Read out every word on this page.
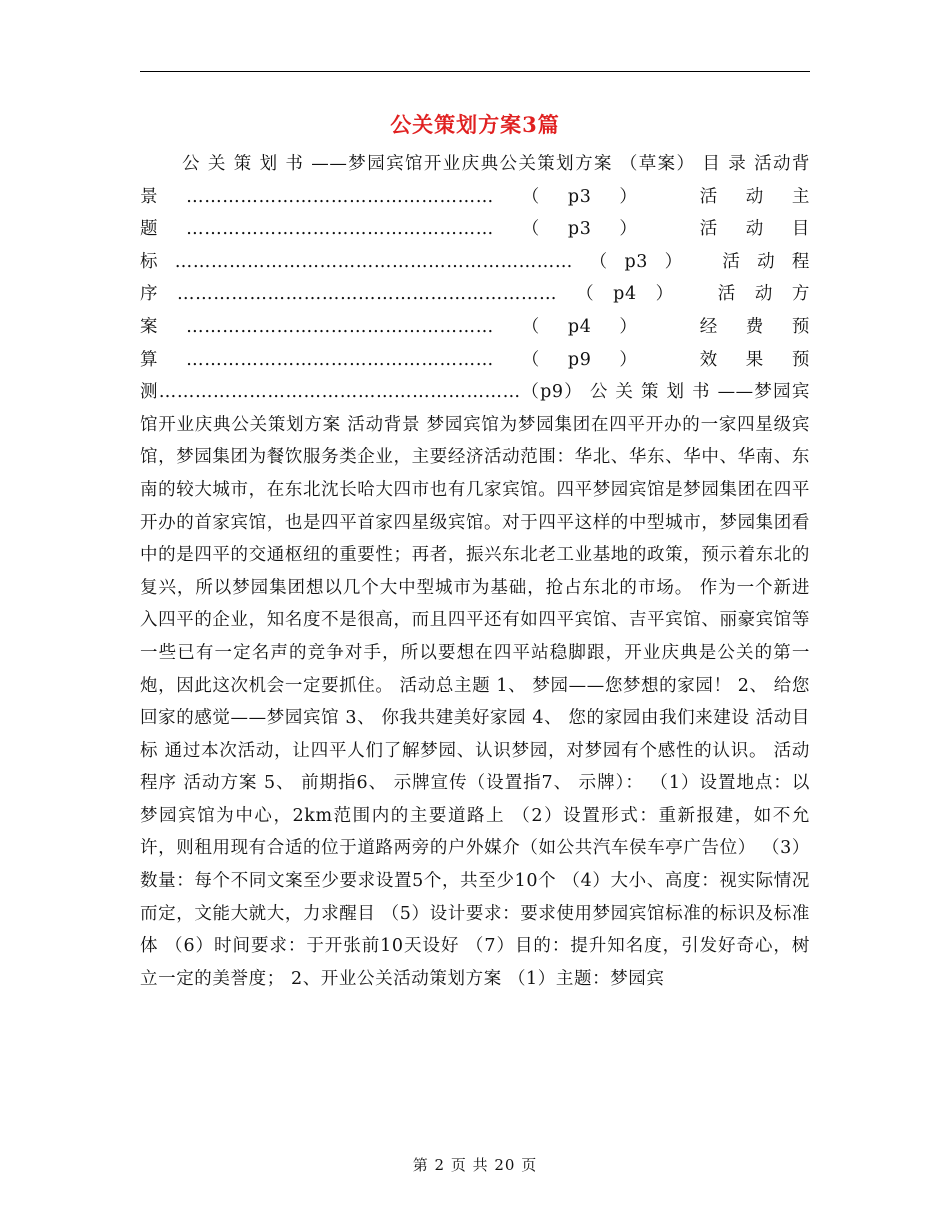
公关策划方案3篇

公 关 策 划 书 ——梦园宾馆开业庆典公关策划方案 （草案） 目 录 活动背景……………………………………………（p3） 活动主题……………………………………………（p3） 活动目标…………………………………………………………（p3） 活动程序………………………………………………………（p4） 活动方案……………………………………………（p4） 经费预算……………………………………………（p9） 效果预测……………………………………………………（p9） 公 关 策 划 书 ——梦园宾馆开业庆典公关策划方案 活动背景 梦园宾馆为梦园集团在四平开办的一家四星级宾馆，梦园集团为餐饮服务类企业，主要经济活动范围：华北、华东、华中、华南、东南的较大城市，在东北沈长哈大四市也有几家宾馆。四平梦园宾馆是梦园集团在四平开办的首家宾馆，也是四平首家四星级宾馆。对于四平这样的中型城市，梦园集团看中的是四平的交通枢纽的重要性；再者，振兴东北老工业基地的政策，预示着东北的复兴，所以梦园集团想以几个大中型城市为基础，抢占东北的市场。 作为一个新进入四平的企业，知名度不是很高，而且四平还有如四平宾馆、吉平宾馆、丽豪宾馆等一些已有一定名声的竞争对手，所以要想在四平站稳脚跟，开业庆典是公关的第一炮，因此这次机会一定要抓住。 活动总主题 1、 梦园——您梦想的家园！ 2、 给您回家的感觉——梦园宾馆 3、 你我共建美好家园 4、 您的家园由我们来建设 活动目标 通过本次活动，让四平人们了解梦园、认识梦园，对梦园有个感性的认识。 活动程序 活动方案 5、 前期指6、 示牌宣传（设置指7、 示牌）： （1）设置地点：以梦园宾馆为中心，2km范围内的主要道路上 （2）设置形式：重新报建，如不允许，则租用现有合适的位于道路两旁的户外媒介（如公共汽车侯车亭广告位） （3）数量：每个不同文案至少要求设置5个，共至少10个 （4）大小、高度：视实际情况而定，文能大就大，力求醒目 （5）设计要求：要求使用梦园宾馆标准的标识及标准体 （6）时间要求：于开张前10天设好 （7）目的：提升知名度，引发好奇心，树立一定的美誉度； 2、开业公关活动策划方案 （1）主题：梦园宾

第 2 页 共 20 页
